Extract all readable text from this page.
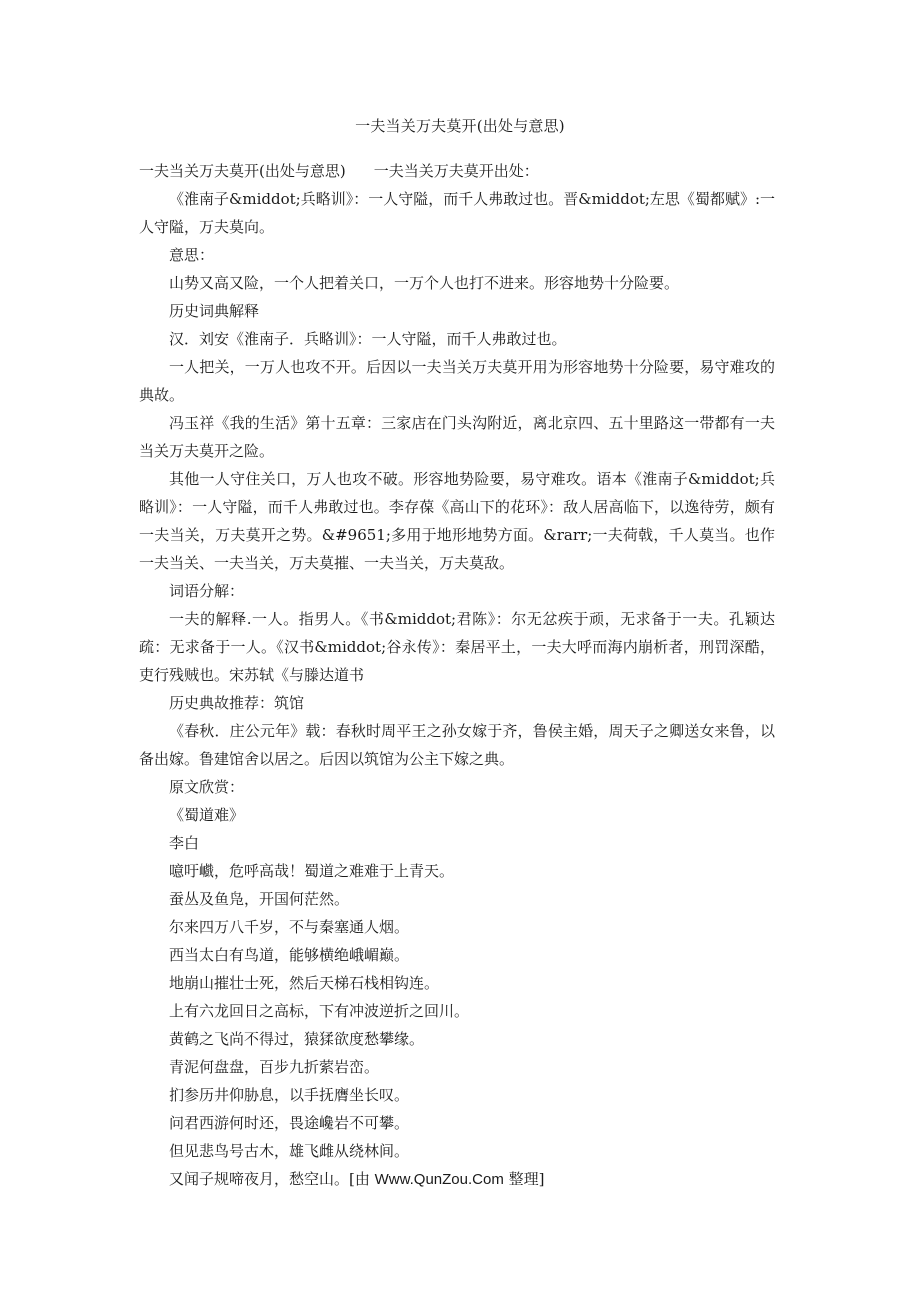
一夫当关万夫莫开(出处与意思)

一夫当关万夫莫开(出处与意思) 一夫当关万夫莫开出处：

《淮南子&middot;兵略训》：一人守隘，而千人弗敢过也。晋&middot;左思《蜀都赋》:一人守隘，万夫莫向。

意思：

山势又高又险，一个人把着关口，一万个人也打不进来。形容地势十分险要。

历史词典解释

汉．刘安《淮南子．兵略训》：一人守隘，而千人弗敢过也。

一人把关，一万人也攻不开。后因以一夫当关万夫莫开用为形容地势十分险要，易守难攻的典故。

冯玉祥《我的生活》第十五章：三家店在门头沟附近，离北京四、五十里路这一带都有一夫当关万夫莫开之险。

其他一人守住关口，万人也攻不破。形容地势险要，易守难攻。语本《淮南子&middot;兵略训》：一人守隘，而千人弗敢过也。李存葆《高山下的花环》：敌人居高临下，以逸待劳，颇有一夫当关，万夫莫开之势。&#9651;多用于地形地势方面。&rarr;一夫荷戟，千人莫当。也作一夫当关、一夫当关，万夫莫摧、一夫当关，万夫莫敌。

词语分解：

一夫的解释.一人。指男人。《书&middot;君陈》：尔无忿疾于顽，无求备于一夫。孔颖达疏：无求备于一人。《汉书&middot;谷永传》：秦居平土，一夫大呼而海内崩析者，刑罚深酷，吏行残贼也。宋苏轼《与滕达道书

历史典故推荐：筑馆

《春秋．庄公元年》载：春秋时周平王之孙女嫁于齐，鲁侯主婚，周天子之卿送女来鲁，以备出嫁。鲁建馆舍以居之。后因以筑馆为公主下嫁之典。

原文欣赏：

《蜀道难》

李白

噫吁巇，危呼高哉！蜀道之难难于上青天。

蚕丛及鱼凫，开国何茫然。

尔来四万八千岁，不与秦塞通人烟。

西当太白有鸟道，能够横绝峨嵋巅。

地崩山摧壮士死，然后天梯石栈相钩连。

上有六龙回日之高标，下有冲波逆折之回川。

黄鹤之飞尚不得过，猿猱欲度愁攀缘。

青泥何盘盘，百步九折萦岩峦。

扪参历井仰胁息，以手抚膺坐长叹。

问君西游何时还，畏途巉岩不可攀。

但见悲鸟号古木，雄飞雌从绕林间。

又闻子规啼夜月，愁空山。[由 Www.QunZou.Com 整理]
